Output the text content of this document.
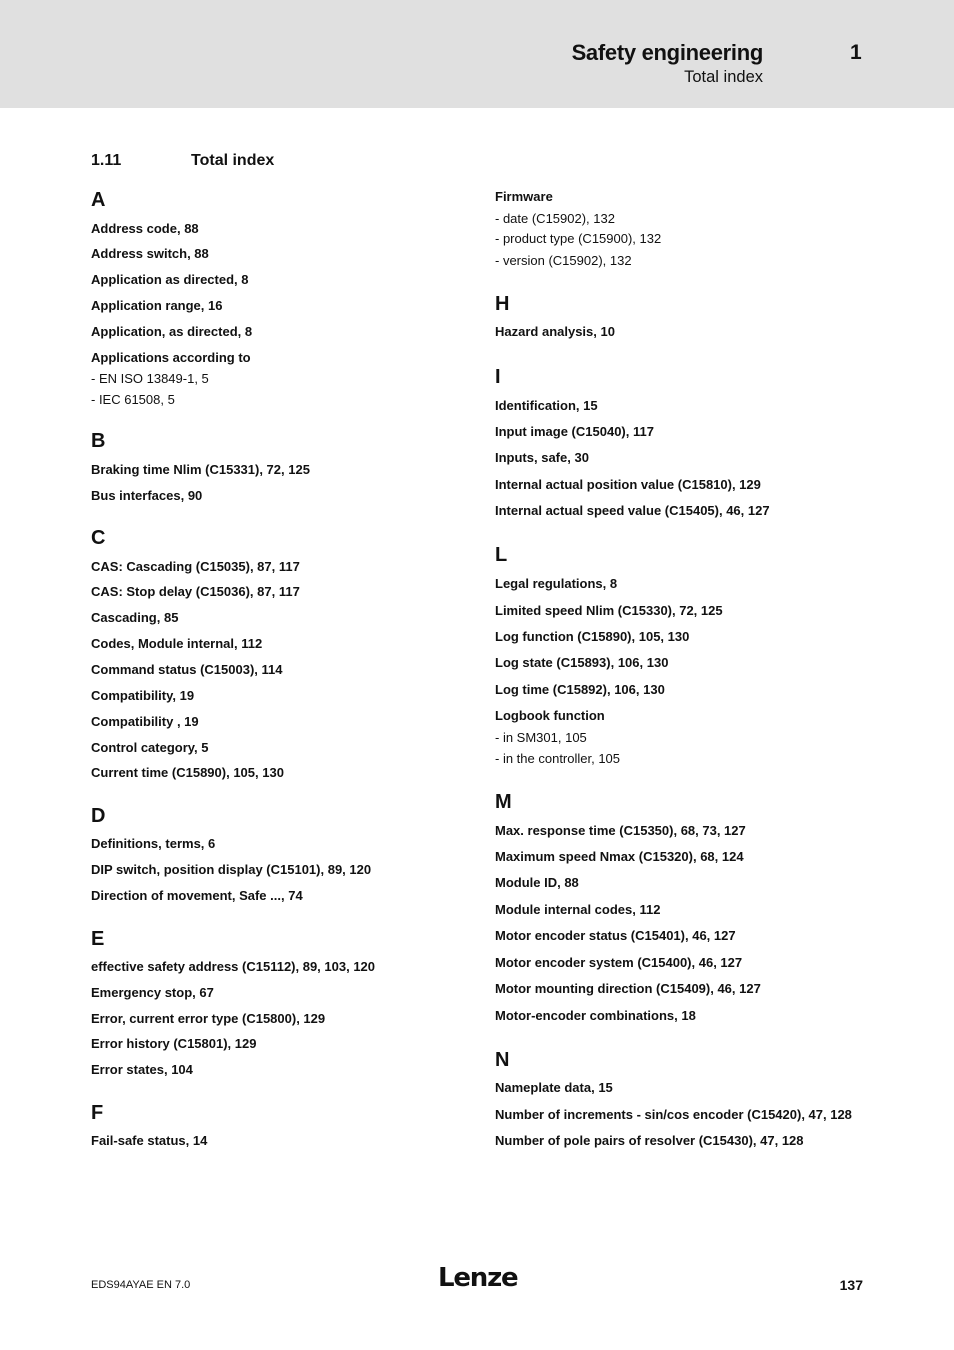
Safety engineering	1
Total index
1.11	Total index
A
Address code, 88
Address switch, 88
Application as directed, 8
Application range, 16
Application, as directed, 8
Applications according to
- EN ISO 13849-1, 5
- IEC 61508, 5
B
Braking time Nlim (C15331), 72, 125
Bus interfaces, 90
C
CAS: Cascading (C15035), 87, 117
CAS: Stop delay (C15036), 87, 117
Cascading, 85
Codes, Module internal, 112
Command status (C15003), 114
Compatibility, 19
Compatibility , 19
Control category, 5
Current time (C15890), 105, 130
D
Definitions, terms, 6
DIP switch, position display (C15101), 89, 120
Direction of movement, Safe ..., 74
E
effective safety address (C15112), 89, 103, 120
Emergency stop, 67
Error, current error type (C15800), 129
Error history (C15801), 129
Error states, 104
F
Fail-safe status, 14
Firmware
- date (C15902), 132
- product type (C15900), 132
- version (C15902), 132
H
Hazard analysis, 10
I
Identification, 15
Input image (C15040), 117
Inputs, safe, 30
Internal actual position value (C15810), 129
Internal actual speed value (C15405), 46, 127
L
Legal regulations, 8
Limited speed Nlim (C15330), 72, 125
Log function (C15890), 105, 130
Log state (C15893), 106, 130
Log time (C15892), 106, 130
Logbook function
- in SM301, 105
- in the controller, 105
M
Max. response time (C15350), 68, 73, 127
Maximum speed Nmax (C15320), 68, 124
Module ID, 88
Module internal codes, 112
Motor encoder status (C15401), 46, 127
Motor encoder system (C15400), 46, 127
Motor mounting direction (C15409), 46, 127
Motor-encoder combinations, 18
N
Nameplate data, 15
Number of increments - sin/cos encoder (C15420), 47, 128
Number of pole pairs of resolver (C15430), 47, 128
EDS94AYAE EN 7.0	Lenze	137
